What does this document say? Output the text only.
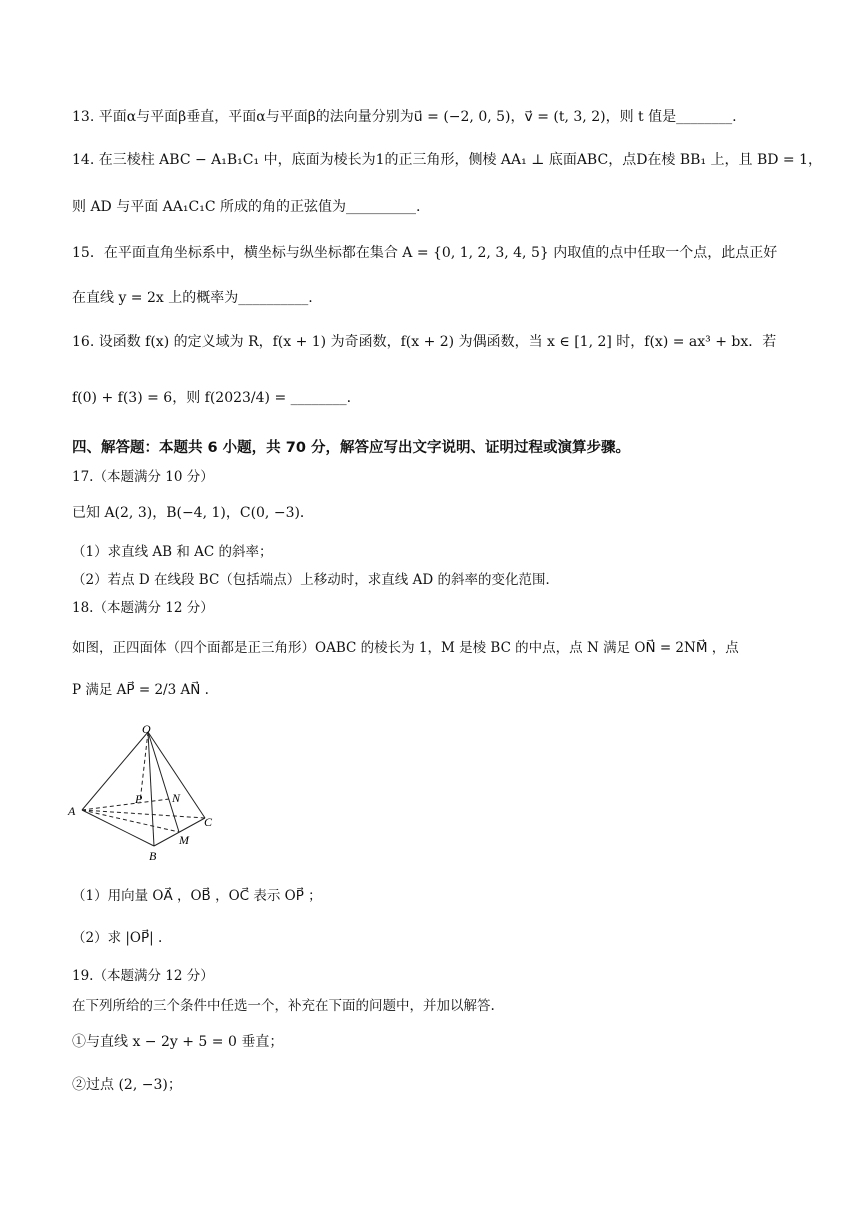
13. 平面α与平面β垂直，平面α与平面β的法向量分别为u⃗ = (−2, 0, 5)，v⃗ = (t, 3, 2)，则 t 值是________.
14. 在三棱柱 ABC − A₁B₁C₁ 中，底面为棱长为1的正三角形，侧棱 AA₁ ⊥ 底面ABC，点D在棱 BB₁ 上，且 BD = 1，
则 AD 与平面 AA₁C₁C 所成的角的正弦值为__________.
15．在平面直角坐标系中，横坐标与纵坐标都在集合 A = {0, 1, 2, 3, 4, 5} 内取值的点中任取一个点，此点正好
在直线 y = 2x 上的概率为__________.
16. 设函数 f(x) 的定义域为 R，f(x + 1) 为奇函数，f(x + 2) 为偶函数，当 x ∈ [1, 2] 时，f(x) = ax³ + bx．若
f(0) + f(3) = 6，则 f(2023/4) = ________.
四、解答题：本题共 6 小题，共 70 分，解答应写出文字说明、证明过程或演算步骤。
17.（本题满分 10 分）
已知 A(2, 3)，B(−4, 1)，C(0, −3)．
（1）求直线 AB 和 AC 的斜率；
（2）若点 D 在线段 BC（包括端点）上移动时，求直线 AD 的斜率的变化范围．
18.（本题满分 12 分）
如图，正四面体（四个面都是正三角形）OABC 的棱长为 1，M 是棱 BC 的中点，点 N 满足 ON⃗ = 2NM⃗ ，点
P 满足 AP⃗ = 2/3 AN⃗ .
O
A
B
C
P N
M
（1）用向量 OA⃗ ，OB⃗ ，OC⃗ 表示 OP⃗ ；
（2）求 |OP⃗| .
19.（本题满分 12 分）
在下列所给的三个条件中任选一个，补充在下面的问题中，并加以解答.
①与直线 x − 2y + 5 = 0 垂直；
②过点 (2, −3)；
